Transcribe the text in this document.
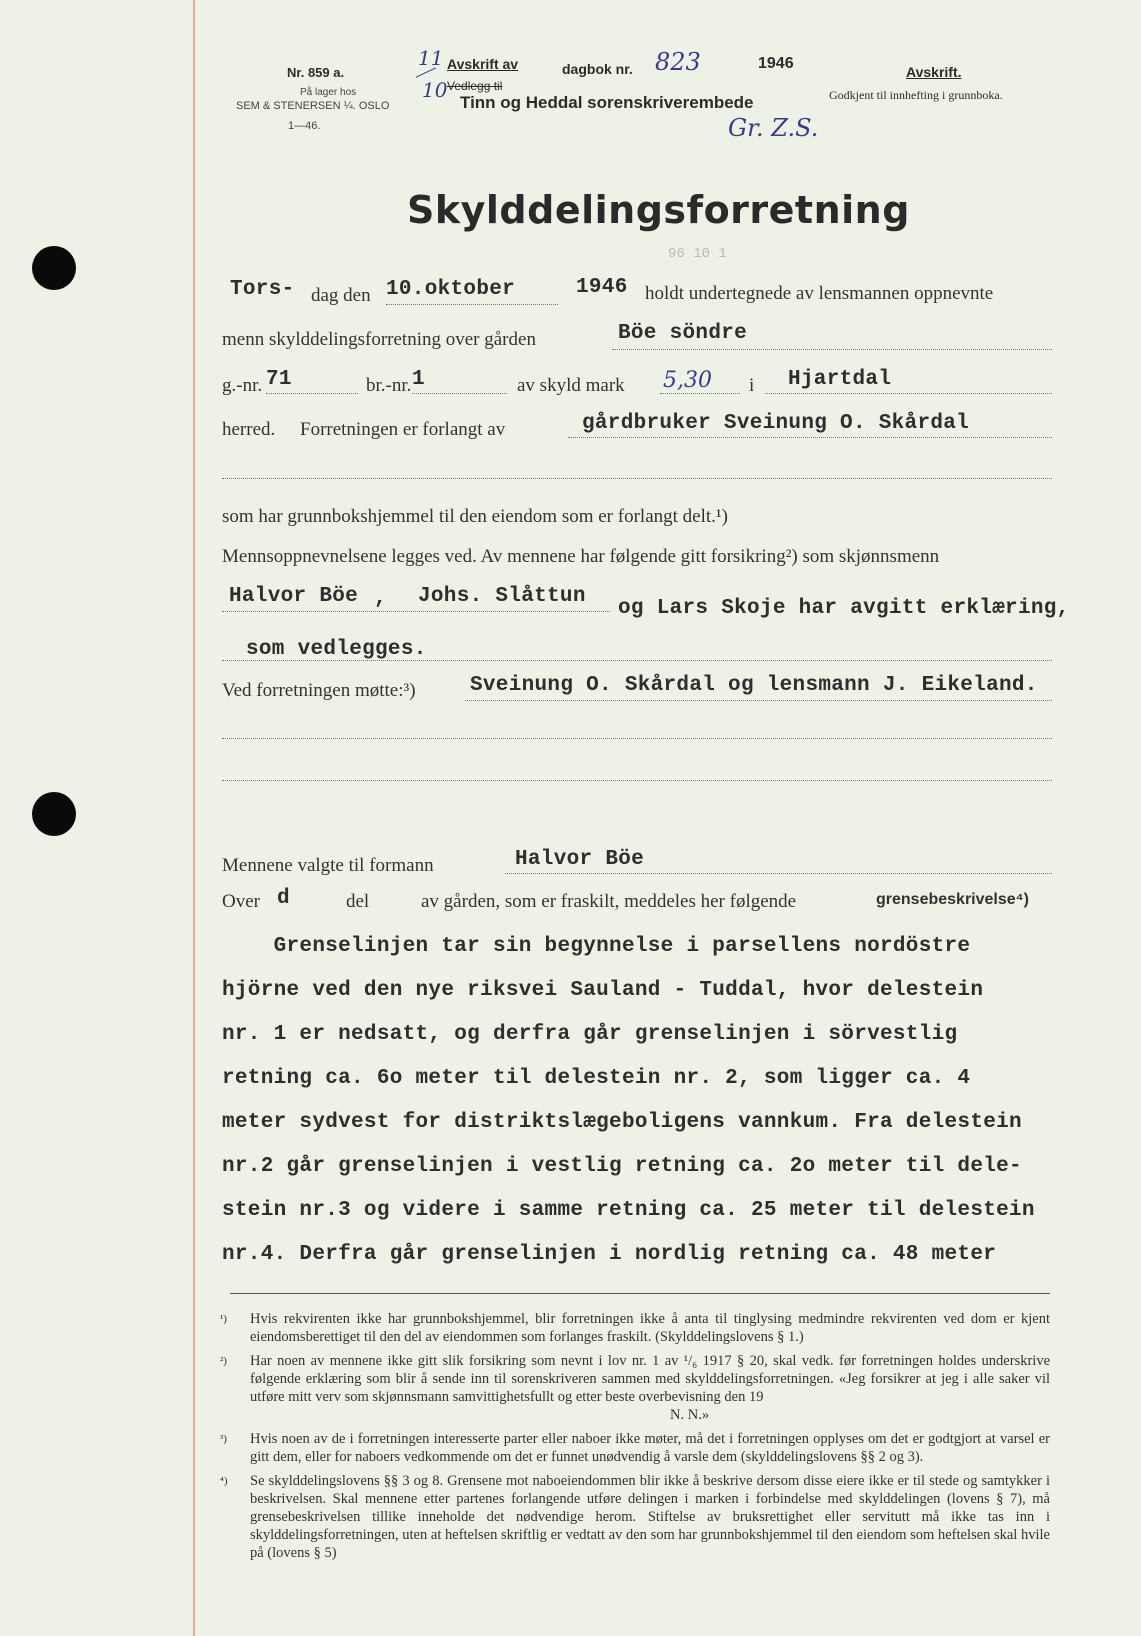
Nr. 859 a.
På lager hos
SEM & STENERSEN ¼. OSLO
1—46.
11
10
Avskrift av
Vedlegg til
dagbok nr. 823	1946
Tinn og Heddal sorenskriverembede
Gr. Z.S.
Avskrift.
Godkjent til innhefting i grunnboka.
Skylddelingsforretning
96 10 1
Tors- dag den 10.oktober	1946 holdt undertegnede av lensmannen oppnevnte
menn skylddelingsforretning over gården	Böe söndre
g.-nr. 71	br.-nr. 1	av skyld mark 5,30 i Hjartdal
herred. Forretningen er forlangt av	gårdbruker Sveinung O. Skårdal
som har grunnbokshjemmel til den eiendom som er forlangt delt.¹)
Mennsoppnevnelsene legges ved. Av mennene har følgende gitt forsikring²) som skjønnsmenn
Halvor Böe , Johs. Slåttun
og Lars Skoje har avgitt erklæring,
som vedlegges.
Ved forretningen møtte:³)	Sveinung O. Skårdal og lensmann J. Eikeland.
Mennene valgte til formann	Halvor Böe
Over d	del	av gården, som er fraskilt, meddeles her følgende	grensebeskrivelse⁴)
Grenselinjen tar sin begynnelse i parsellens nordöstre
hjörne ved den nye riksvei Sauland - Tuddal, hvor delestein
nr. 1 er nedsatt, og derfra går grenselinjen i sörvestlig
retning ca. 6o meter til delestein nr. 2, som ligger ca. 4
meter sydvest for distriktslægeboligens vannkum. Fra delestein
nr.2 går grenselinjen i vestlig retning ca. 2o meter til dele-
stein nr.3 og videre i samme retning ca. 25 meter til delestein
nr.4. Derfra går grenselinjen i nordlig retning ca. 48 meter
¹) Hvis rekvirenten ikke har grunnbokshjemmel, blir forretningen ikke å anta til tinglysing medmindre rekvirenten ved dom er kjent eiendomsberettiget til den del av eiendommen som forlanges fraskilt. (Skylddelingslovens § 1.)
²) Har noen av mennene ikke gitt slik forsikring som nevnt i lov nr. 1 av ¹/₆ 1917 § 20, skal vedk. før forretningen holdes underskrive følgende erklæring som blir å sende inn til sorenskriveren sammen med skylddelingsforretningen. «Jeg forsikrer at jeg i alle saker vil utføre mitt verv som skjønnsmann samvittighetsfullt og etter beste overbevisning den 19
N. N.»
³) Hvis noen av de i forretningen interesserte parter eller naboer ikke møter, må det i forretningen opplyses om det er godtgjort at varsel er gitt dem, eller for naboers vedkommende om det er funnet unødvendig å varsle dem (skylddelingslovens §§ 2 og 3).
⁴) Se skylddelingslovens §§ 3 og 8. Grensene mot naboeiendommen blir ikke å beskrive dersom disse eiere ikke er til stede og samtykker i beskrivelsen. Skal mennene etter partenes forlangende utføre delingen i marken i forbindelse med skylddelingen (lovens § 7), må grensebeskrivelsen tillike inneholde det nødvendige herom. Stiftelse av bruksrettighet eller servitutt må ikke tas inn i skylddelingsforretningen, uten at heftelsen skriftlig er vedtatt av den som har grunnbokshjemmel til den eiendom som heftelsen skal hvile på (lovens § 5)
